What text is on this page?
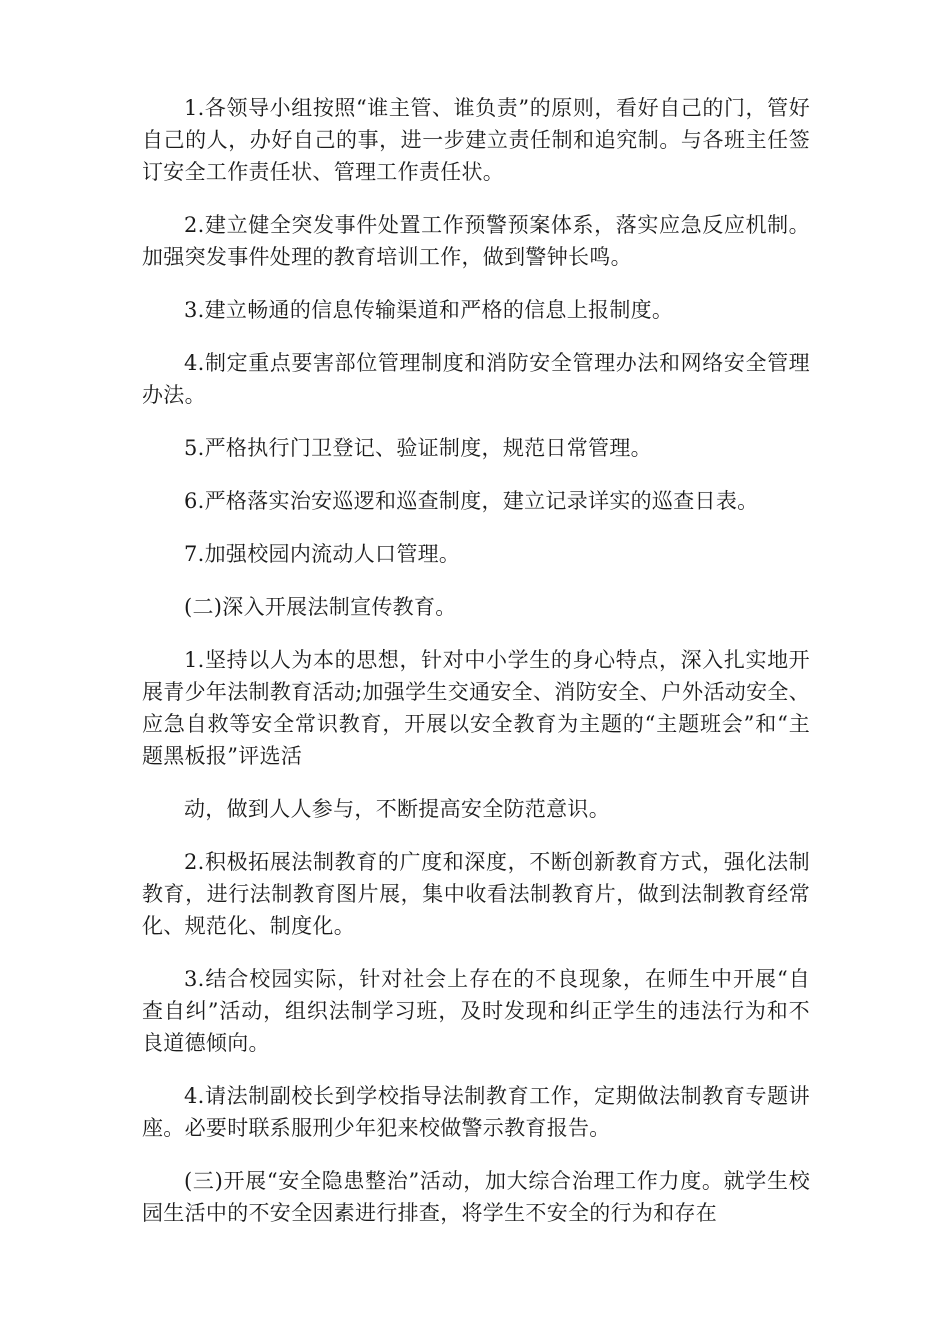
1.各领导小组按照“谁主管、谁负责”的原则，看好自己的门，管好自己的人，办好自己的事，进一步建立责任制和追究制。与各班主任签订安全工作责任状、管理工作责任状。

2.建立健全突发事件处置工作预警预案体系，落实应急反应机制。加强突发事件处理的教育培训工作，做到警钟长鸣。

3.建立畅通的信息传输渠道和严格的信息上报制度。

4.制定重点要害部位管理制度和消防安全管理办法和网络安全管理办法。

5.严格执行门卫登记、验证制度，规范日常管理。

6.严格落实治安巡逻和巡查制度，建立记录详实的巡查日表。

7.加强校园内流动人口管理。

(二)深入开展法制宣传教育。

1.坚持以人为本的思想，针对中小学生的身心特点，深入扎实地开展青少年法制教育活动;加强学生交通安全、消防安全、户外活动安全、应急自救等安全常识教育，开展以安全教育为主题的“主题班会”和“主题黑板报”评选活

动，做到人人参与，不断提高安全防范意识。

2.积极拓展法制教育的广度和深度，不断创新教育方式，强化法制教育，进行法制教育图片展，集中收看法制教育片，做到法制教育经常化、规范化、制度化。

3.结合校园实际，针对社会上存在的不良现象，在师生中开展“自查自纠”活动，组织法制学习班，及时发现和纠正学生的违法行为和不良道德倾向。

4.请法制副校长到学校指导法制教育工作，定期做法制教育专题讲座。必要时联系服刑少年犯来校做警示教育报告。

(三)开展“安全隐患整治”活动，加大综合治理工作力度。就学生校园生活中的不安全因素进行排查，将学生不安全的行为和存在
